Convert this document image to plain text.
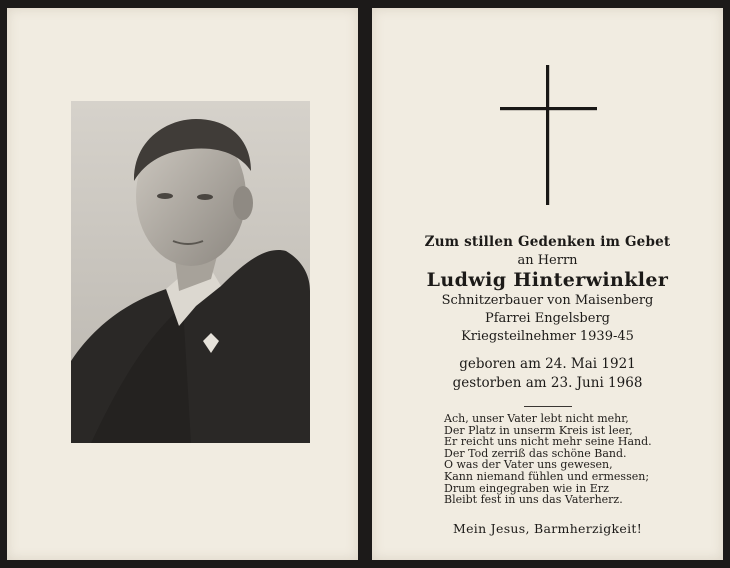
Zum stillen Gedenken im Gebet
an Herrn
Ludwig Hinterwinkler
Schnitzerbauer von Maisenberg
Pfarrei Engelsberg
Kriegsteilnehmer 1939-45
geboren am 24. Mai 1921
gestorben am 23. Juni 1968
Ach, unser Vater lebt nicht mehr,
Der Platz in unserm Kreis ist leer,
Er reicht uns nicht mehr seine Hand.
Der Tod zerriß das schöne Band.
O was der Vater uns gewesen,
Kann niemand fühlen und ermessen;
Drum eingegraben wie in Erz
Bleibt fest in uns das Vaterherz.
Mein Jesus, Barmherzigkeit!
